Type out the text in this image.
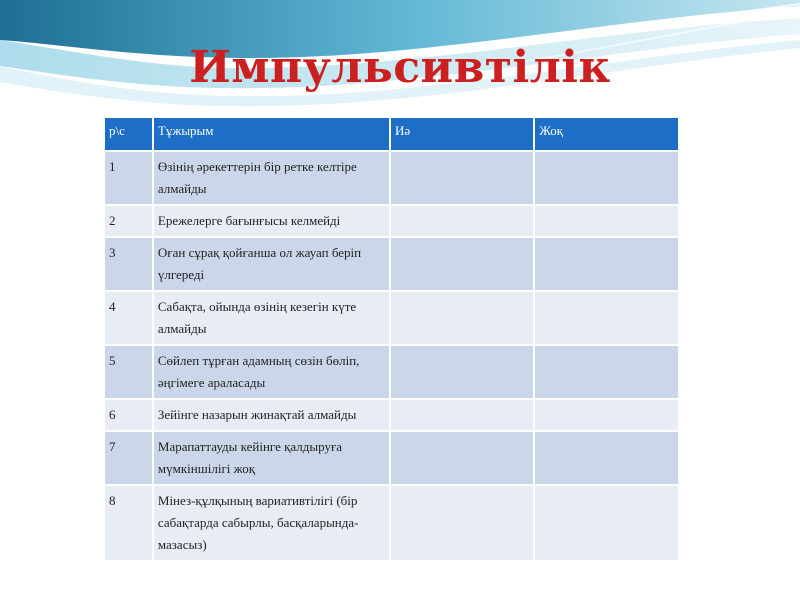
Импульсивтілік
р\с	Тұжырым	Иә	Жоқ
1	Өзінің әрекеттерін бір ретке келтіре алмайды		
2	Ережелерге бағынғысы келмейді		
3	Оған сұрақ қойғанша ол жауап беріп үлгереді		
4	Сабақта, ойында өзінің кезегін күте алмайды		
5	Сөйлеп тұрған адамның сөзін бөліп, әңгімеге араласады		
6	Зейінге назарын жинақтай алмайды		
7	Марапаттауды кейінге қалдыруға мүмкіншілігі жоқ		
8	Мінез-құлқының вариативтілігі (бір сабақтарда сабырлы, басқаларында-мазасыз)		
